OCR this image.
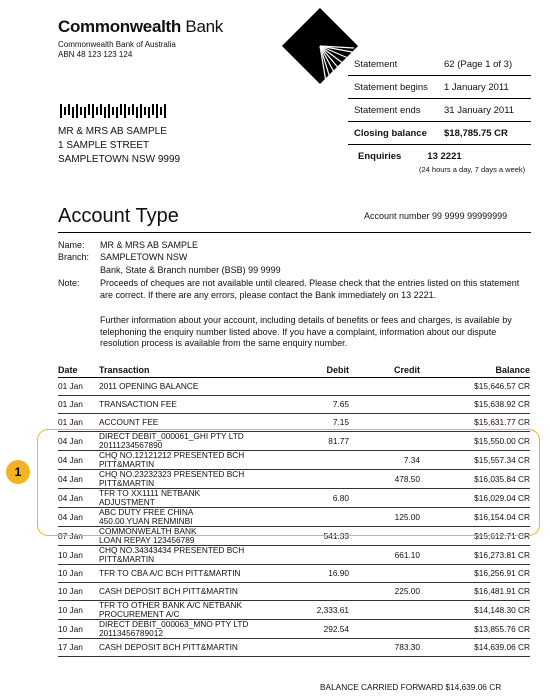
Commonwealth Bank
Commonwealth Bank of Australia
ABN 48 123 123 124
MR & MRS AB SAMPLE
1 SAMPLE STREET
SAMPLETOWN NSW 9999
Statement	62 (Page 1 of 3)
Statement begins	1 January 2011
Statement ends	31 January 2011
Closing balance	$18,785.75 CR
Enquiries	13 2221
(24 hours a day, 7 days a week)
Account Type	Account number 99 9999 99999999
Name: MR & MRS AB SAMPLE
Branch: SAMPLETOWN NSW
Bank, State & Branch number (BSB) 99 9999
Note: Proceeds of cheques are not available until cleared. Please check that the entries listed on this statement are correct. If there are any errors, please contact the Bank immediately on 13 2221.
Further information about your account, including details of benefits or fees and charges, is available by telephoning the enquiry number listed above. If you have a complaint, information about our dispute resolution process is available from the same enquiry number.
Date	Transaction	Debit	Credit	Balance
01 Jan	2011 OPENING BALANCE			$15,646.57 CR
01 Jan	TRANSACTION FEE	7.65		$15,638.92 CR
01 Jan	ACCOUNT FEE	7.15		$15,631.77 CR
04 Jan	DIRECT DEBIT_000061_GHI PTY LTD
20111234567890	81.77		$15,550.00 CR
04 Jan	CHQ NO.12121212 PRESENTED BCH
PITT&MARTIN		7.34	$15,557.34 CR
04 Jan	CHQ NO.23232323 PRESENTED BCH
PITT&MARTIN		478.50	$16,035.84 CR
04 Jan	TFR TO XX1111 NETBANK
ADJUSTMENT	6.80		$16,029.04 CR
04 Jan	ABC DUTY FREE CHINA
450.00 YUAN RENMINBI		125.00	$16,154.04 CR
07 Jan	COMMONWEALTH BANK
LOAN REPAY 123456789	541.33		$15,612.71 CR
10 Jan	CHQ NO.34343434 PRESENTED BCH
PITT&MARTIN		661.10	$16,273.81 CR
10 Jan	TFR TO CBA A/C BCH PITT&MARTIN	16.90		$16,256.91 CR
10 Jan	CASH DEPOSIT BCH PITT&MARTIN		225.00	$16,481.91 CR
10 Jan	TFR TO OTHER BANK A/C NETBANK
PROCUREMENT A/C	2,333.61		$14,148.30 CR
10 Jan	DIRECT DEBIT_000063_MNO PTY LTD
20113456789012	292.54		$13,855.76 CR
17 Jan	CASH DEPOSIT BCH PITT&MARTIN		783.30	$14,639.06 CR
1
BALANCE CARRIED FORWARD $14,639.06 CR
